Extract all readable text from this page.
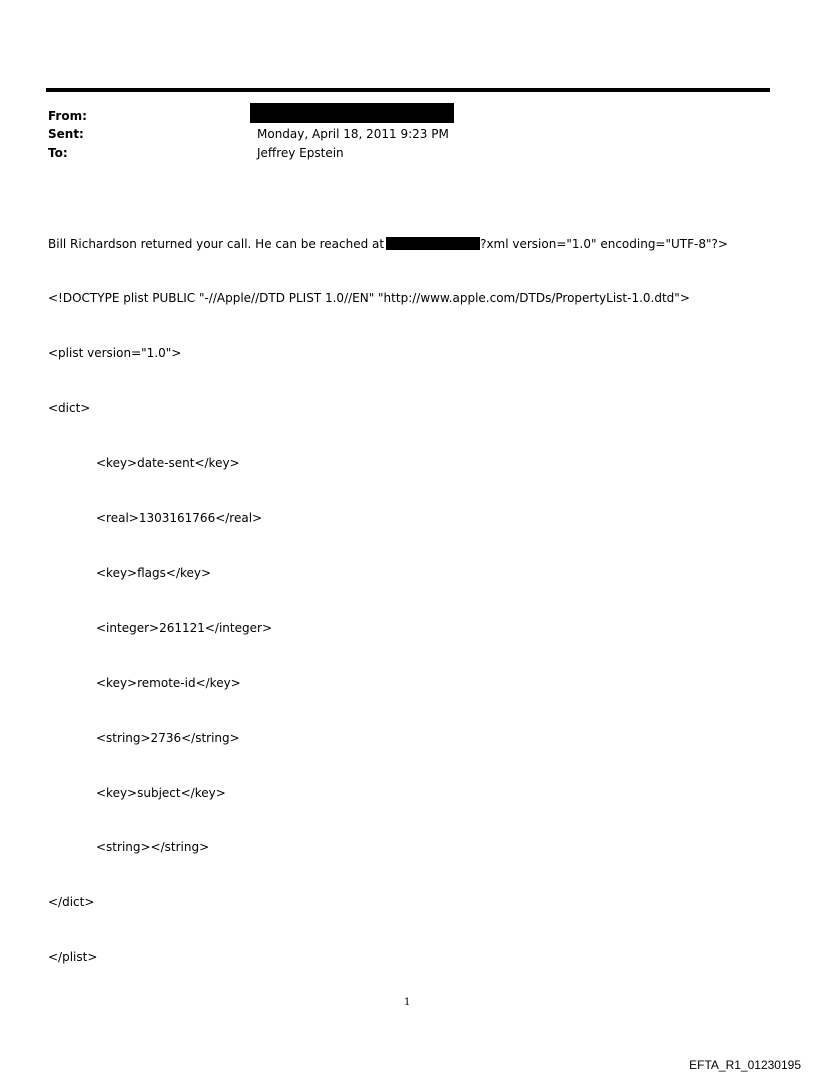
From:
Sent:	Monday, April 18, 2011 9:23 PM
To:	Jeffrey Epstein

Bill Richardson returned your call. He can be reached at	?xml version="1.0" encoding="UTF-8"?>

<!DOCTYPE plist PUBLIC "-//Apple//DTD PLIST 1.0//EN" "http://www.apple.com/DTDs/PropertyList-1.0.dtd">

<plist version="1.0">

<dict>

<key>date-sent</key>

<real>1303161766</real>

<key>flags</key>

<integer>261121</integer>

<key>remote-id</key>

<string>2736</string>

<key>subject</key>

<string></string>

</dict>

</plist>

1
EFTA_R1_01230195
